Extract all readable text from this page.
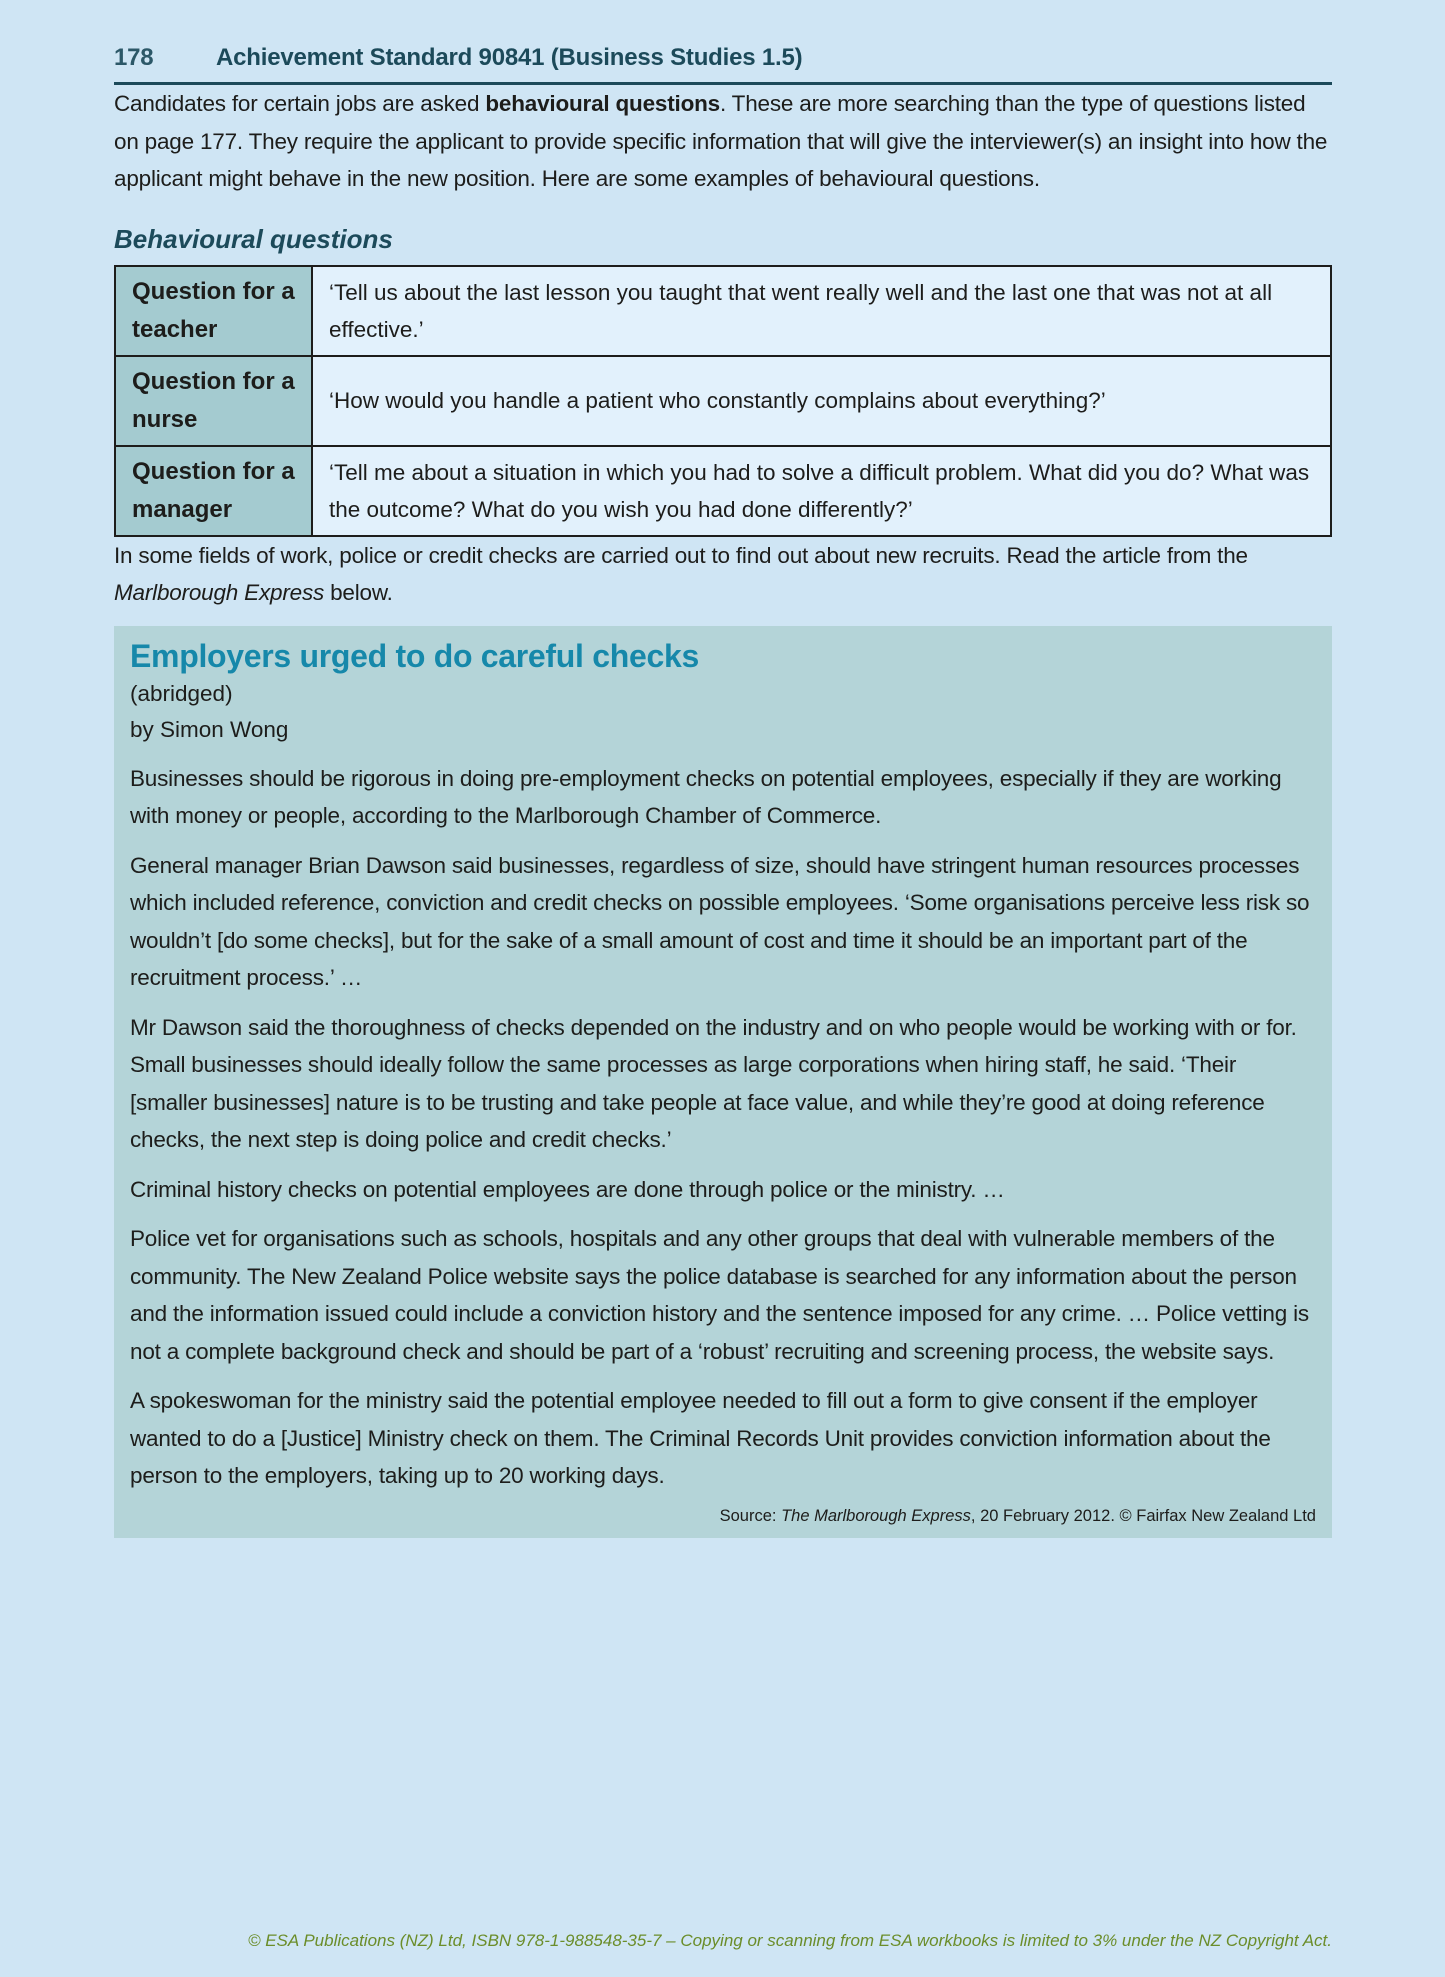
178	Achievement Standard 90841 (Business Studies 1.5)

Candidates for certain jobs are asked behavioural questions. These are more searching than the type of questions listed on page 177. They require the applicant to provide specific information that will give the interviewer(s) an insight into how the applicant might behave in the new position. Here are some examples of behavioural questions.

Behavioural questions
Question for a teacher	‘Tell us about the last lesson you taught that went really well and the last one that was not at all effective.’
Question for a nurse	‘How would you handle a patient who constantly complains about everything?’
Question for a manager	‘Tell me about a situation in which you had to solve a difficult problem. What did you do? What was the outcome? What do you wish you had done differently?’

In some fields of work, police or credit checks are carried out to find out about new recruits. Read the article from the Marlborough Express below.

Employers urged to do careful checks
(abridged)
by Simon Wong

Businesses should be rigorous in doing pre-employment checks on potential employees, especially if they are working with money or people, according to the Marlborough Chamber of Commerce.

General manager Brian Dawson said businesses, regardless of size, should have stringent human resources processes which included reference, conviction and credit checks on possible employees. ‘Some organisations perceive less risk so wouldn’t [do some checks], but for the sake of a small amount of cost and time it should be an important part of the recruitment process.’ …

Mr Dawson said the thoroughness of checks depended on the industry and on who people would be working with or for. Small businesses should ideally follow the same processes as large corporations when hiring staff, he said. ‘Their [smaller businesses] nature is to be trusting and take people at face value, and while they’re good at doing reference checks, the next step is doing police and credit checks.’

Criminal history checks on potential employees are done through police or the ministry. …

Police vet for organisations such as schools, hospitals and any other groups that deal with vulnerable members of the community. The New Zealand Police website says the police database is searched for any information about the person and the information issued could include a conviction history and the sentence imposed for any crime. … Police vetting is not a complete background check and should be part of a ‘robust’ recruiting and screening process, the website says.

A spokeswoman for the ministry said the potential employee needed to fill out a form to give consent if the employer wanted to do a [Justice] Ministry check on them. The Criminal Records Unit provides conviction information about the person to the employers, taking up to 20 working days.

Source: The Marlborough Express, 20 February 2012. © Fairfax New Zealand Ltd
© ESA Publications (NZ) Ltd, ISBN 978-1-988548-35-7 – Copying or scanning from ESA workbooks is limited to 3% under the NZ Copyright Act.
